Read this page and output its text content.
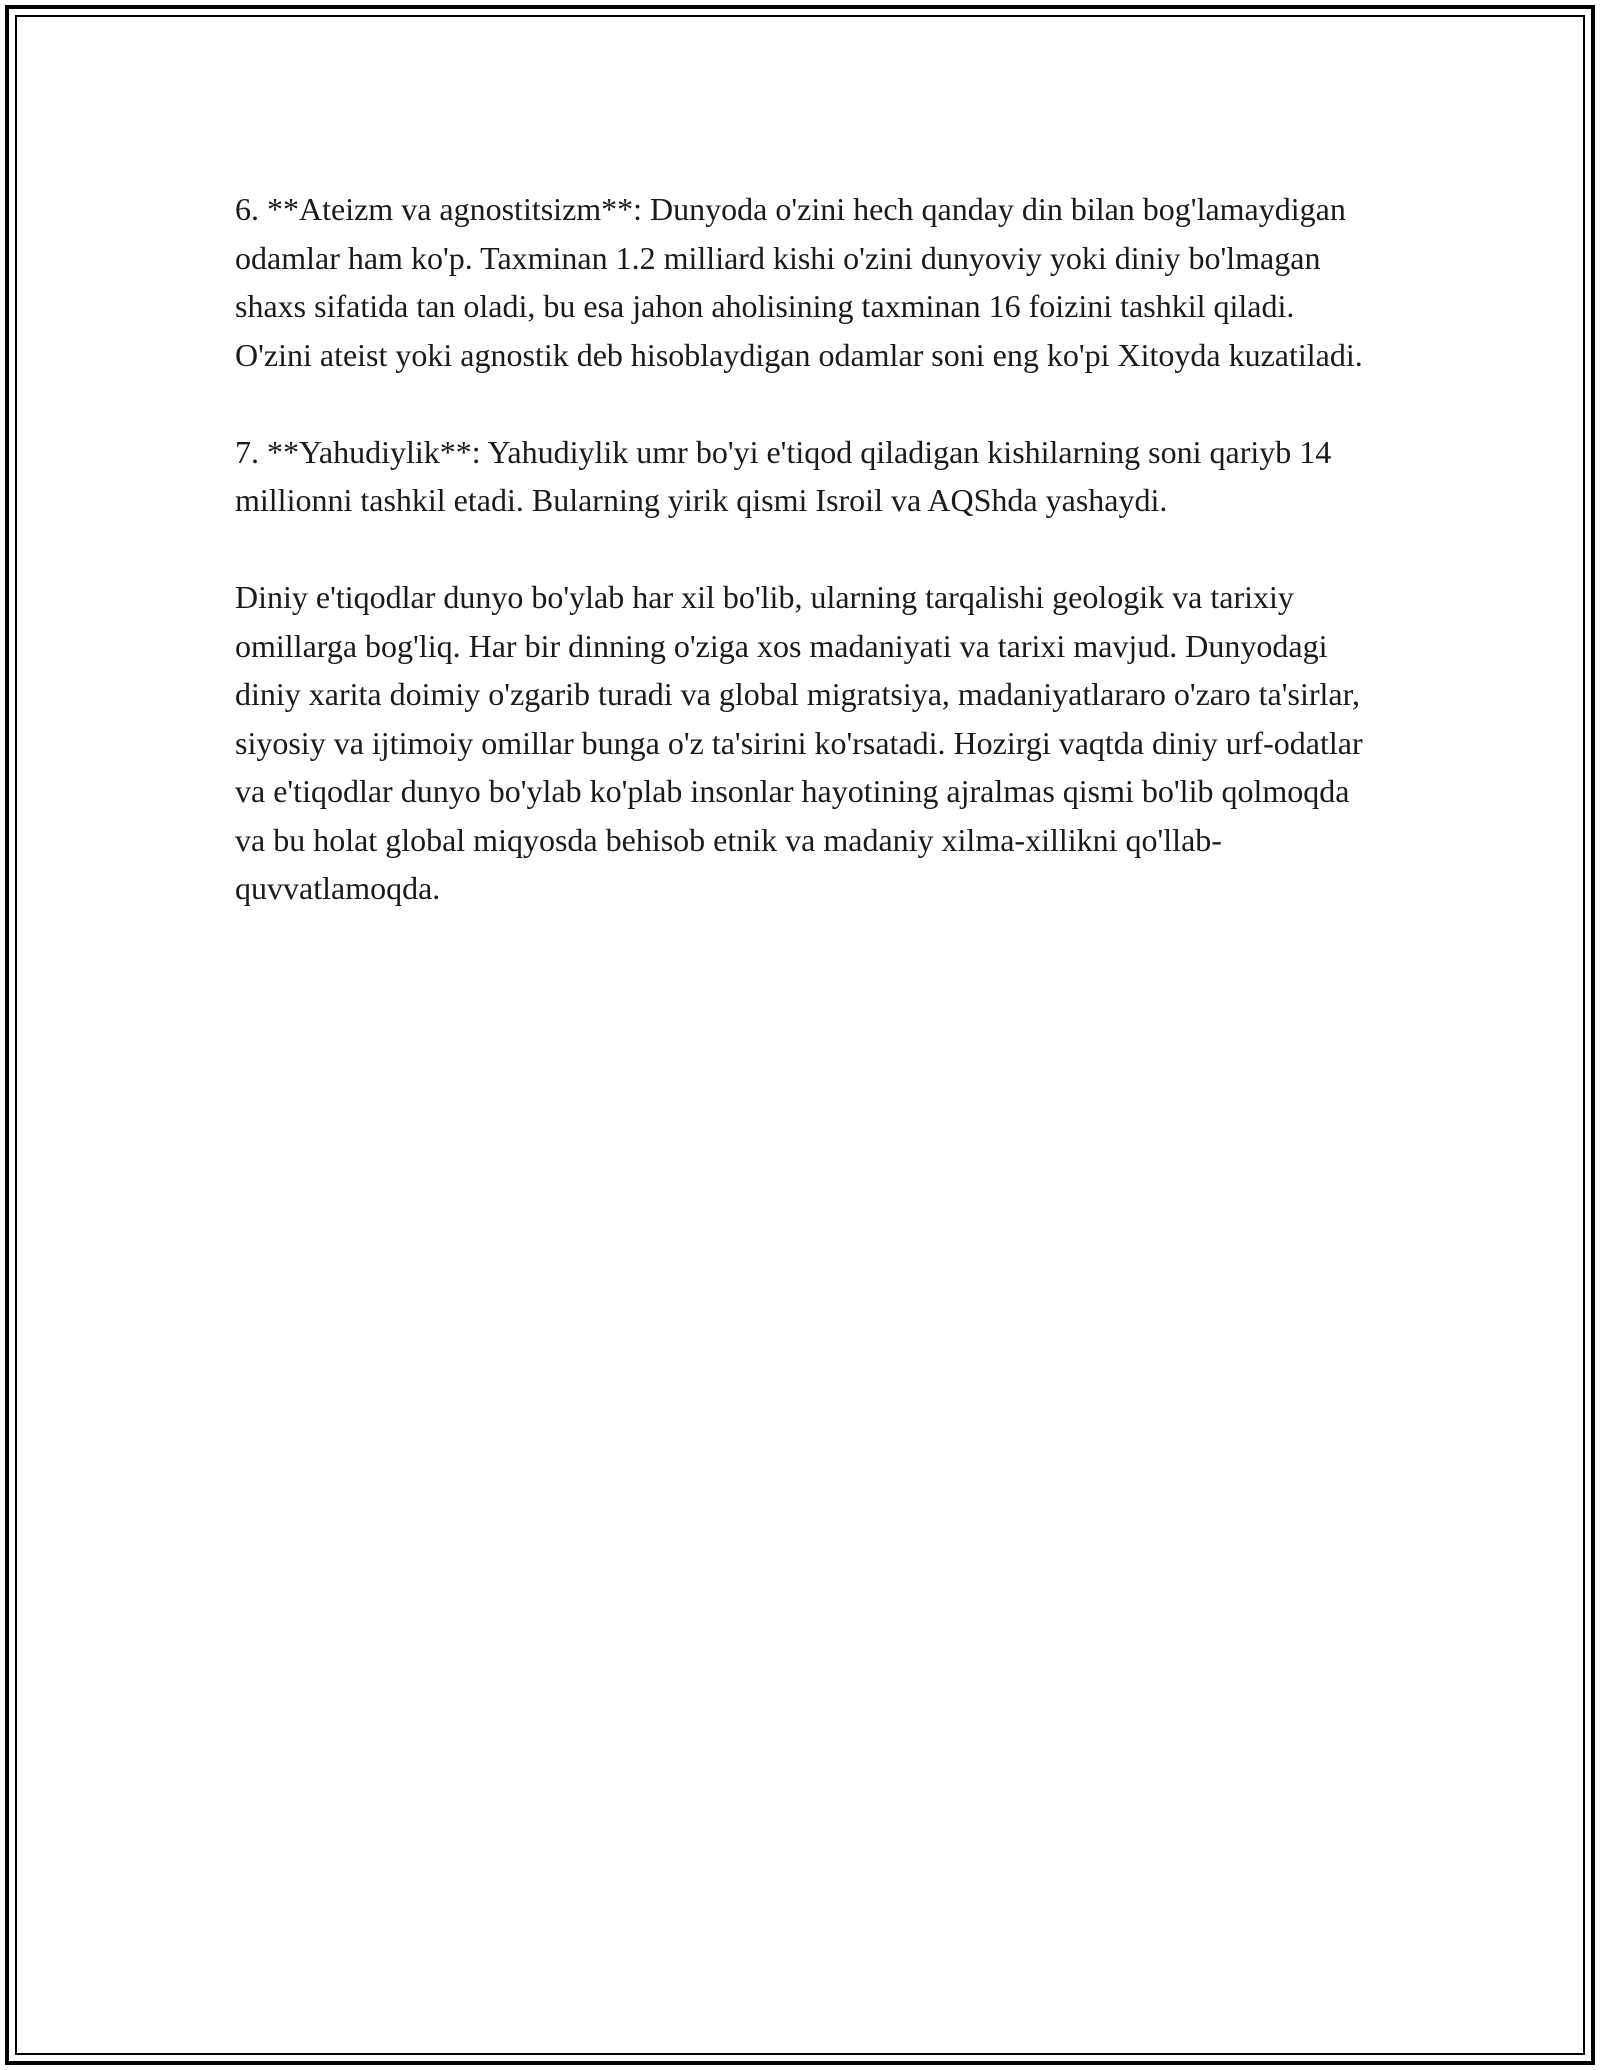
6. **Ateizm va agnostitsizm**: Dunyoda o'zini hech qanday din bilan bog'lamaydigan odamlar ham ko'p. Taxminan 1.2 milliard kishi o'zini dunyoviy yoki diniy bo'lmagan shaxs sifatida tan oladi, bu esa jahon aholisining taxminan 16 foizini tashkil qiladi. O'zini ateist yoki agnostik deb hisoblaydigan odamlar soni eng ko'pi Xitoyda kuzatiladi.

7. **Yahudiylik**: Yahudiylik umr bo'yi e'tiqod qiladigan kishilarning soni qariyb 14 millionni tashkil etadi. Bularning yirik qismi Isroil va AQShda yashaydi.

Diniy e'tiqodlar dunyo bo'ylab har xil bo'lib, ularning tarqalishi geologik va tarixiy omillarga bog'liq. Har bir dinning o'ziga xos madaniyati va tarixi mavjud. Dunyodagi diniy xarita doimiy o'zgarib turadi va global migratsiya, madaniyatlararo o'zaro ta'sirlar, siyosiy va ijtimoiy omillar bunga o'z ta'sirini ko'rsatadi. Hozirgi vaqtda diniy urf-odatlar va e'tiqodlar dunyo bo'ylab ko'plab insonlar hayotining ajralmas qismi bo'lib qolmoqda va bu holat global miqyosda behisob etnik va madaniy xilma-xillikni qo'llab-quvvatlamoqda.
